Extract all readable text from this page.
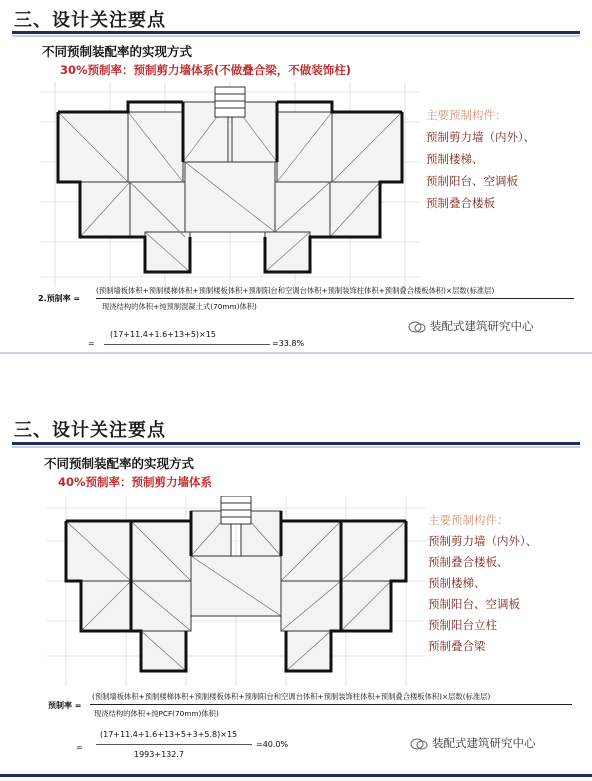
三、设计关注要点
不同预制装配率的实现方式
30%预制率：预制剪力墙体系(不做叠合梁，不做装饰柱)
主要预制构件：
预制剪力墙（内外）、
预制楼梯、
预制阳台、空调板
预制叠合楼板
2.预制率 =
(预制墙板体积+预制楼梯体积+预制楼板体积+预制阳台和空调台体积+预制装饰柱体积+预制叠合楼板体积)×层数(标准层)
现浇结构的体积+纯预制混凝土式(70mm)体积)
=
(17+11.4+1.6+13+5)×15
=33.8%
装配式建筑研究中心
三、设计关注要点
不同预制装配率的实现方式
40%预制率：预制剪力墙体系
主要预制构件：
预制剪力墙（内外）、
预制叠合楼板、
预制楼梯、
预制阳台、空调板
预制阳台立柱
预制叠合梁
预制率 =
(预制墙板体积+预制楼梯体积+预制楼板体积+预制阳台和空调台体积+预制装饰柱体积+预制叠合楼板体积)×层数(标准层)
现浇结构的体积+纯PCF(70mm)体积)
=
(17+11.4+1.6+13+5+3+5.8)×15
1993+132.7
=40.0%	装配式建筑研究中心
